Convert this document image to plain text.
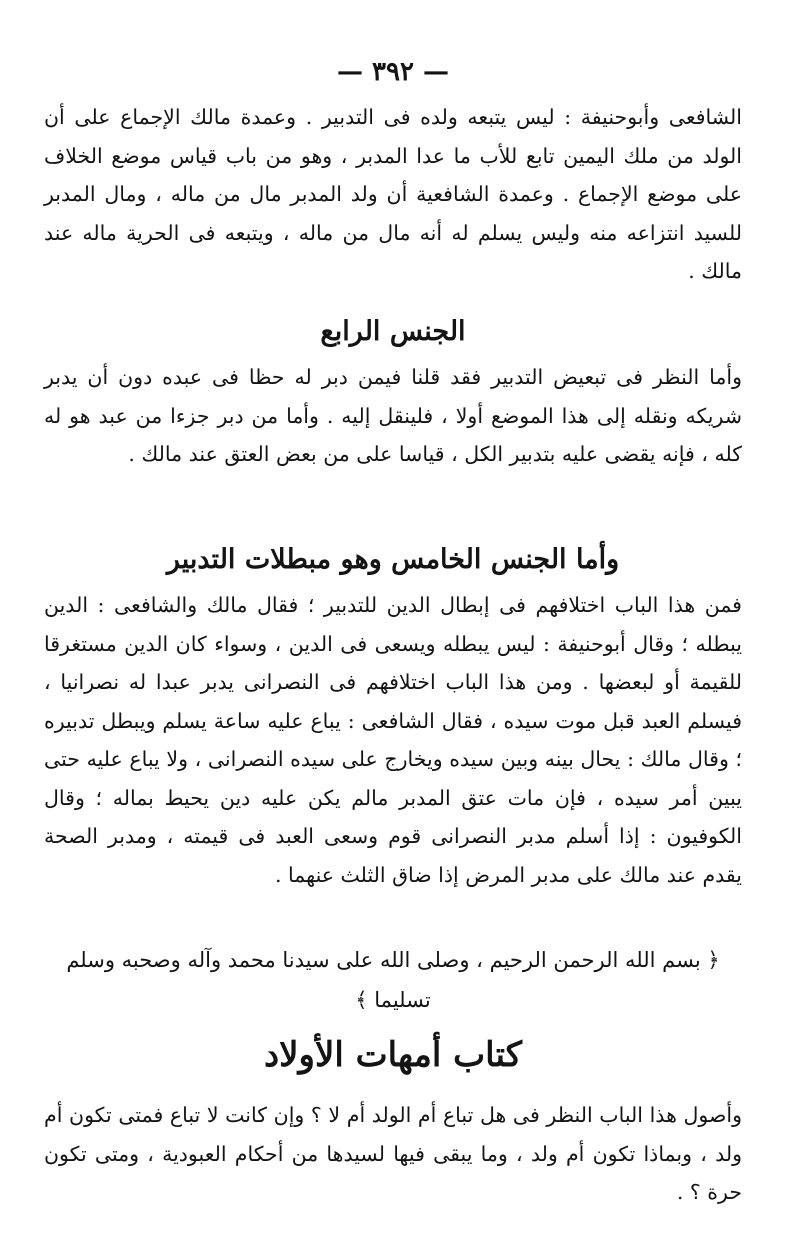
— ٣٩٢ —

الشافعى وأبوحنيفة : ليس يتبعه ولده فى التدبير . وعمدة مالك الإجماع على أن الولد من ملك اليمين تابع للأب ما عدا المدبر ، وهو من باب قياس موضع الخلاف على موضع الإجماع . وعمدة الشافعية أن ولد المدبر مال من ماله ، ومال المدبر للسيد انتزاعه منه وليس يسلم له أنه مال من ماله ، ويتبعه فى الحرية ماله عند مالك .

الجنس الرابع

وأما النظر فى تبعيض التدبير فقد قلنا فيمن دبر له حظا فى عبده دون أن يدبر شريكه ونقله إلى هذا الموضع أولا ، فلينقل إليه . وأما من دبر جزءا من عبد هو له كله ، فإنه يقضى عليه بتدبير الكل ، قياسا على من بعض العتق عند مالك .

وأما الجنس الخامس وهو مبطلات التدبير

فمن هذا الباب اختلافهم فى إبطال الدين للتدبير ؛ فقال مالك والشافعى : الدين يبطله ؛ وقال أبوحنيفة : ليس يبطله ويسعى فى الدين ، وسواء كان الدين مستغرقا للقيمة أو لبعضها . ومن هذا الباب اختلافهم فى النصرانى يدبر عبدا له نصرانيا ، فيسلم العبد قبل موت سيده ، فقال الشافعى : يباع عليه ساعة يسلم ويبطل تدبيره ؛ وقال مالك : يحال بينه وبين سيده ويخارج على سيده النصرانى ، ولا يباع عليه حتى يبين أمر سيده ، فإن مات عتق المدبر مالم يكن عليه دين يحيط بماله ؛ وقال الكوفيون : إذا أسلم مدبر النصرانى قوم وسعى العبد فى قيمته ، ومدبر الصحة يقدم عند مالك على مدبر المرض إذا ضاق الثلث عنهما .

﴿ بسم الله الرحمن الرحيم ، وصلى الله على سيدنا محمد وآله وصحبه وسلم تسليما ﴾

كتاب أمهات الأولاد

وأصول هذا الباب النظر فى هل تباع أم الولد أم لا ؟ وإن كانت لا تباع فمتى تكون أم ولد ، وبماذا تكون أم ولد ، وما يبقى فيها لسيدها من أحكام العبودية ، ومتى تكون حرة ؟ .
